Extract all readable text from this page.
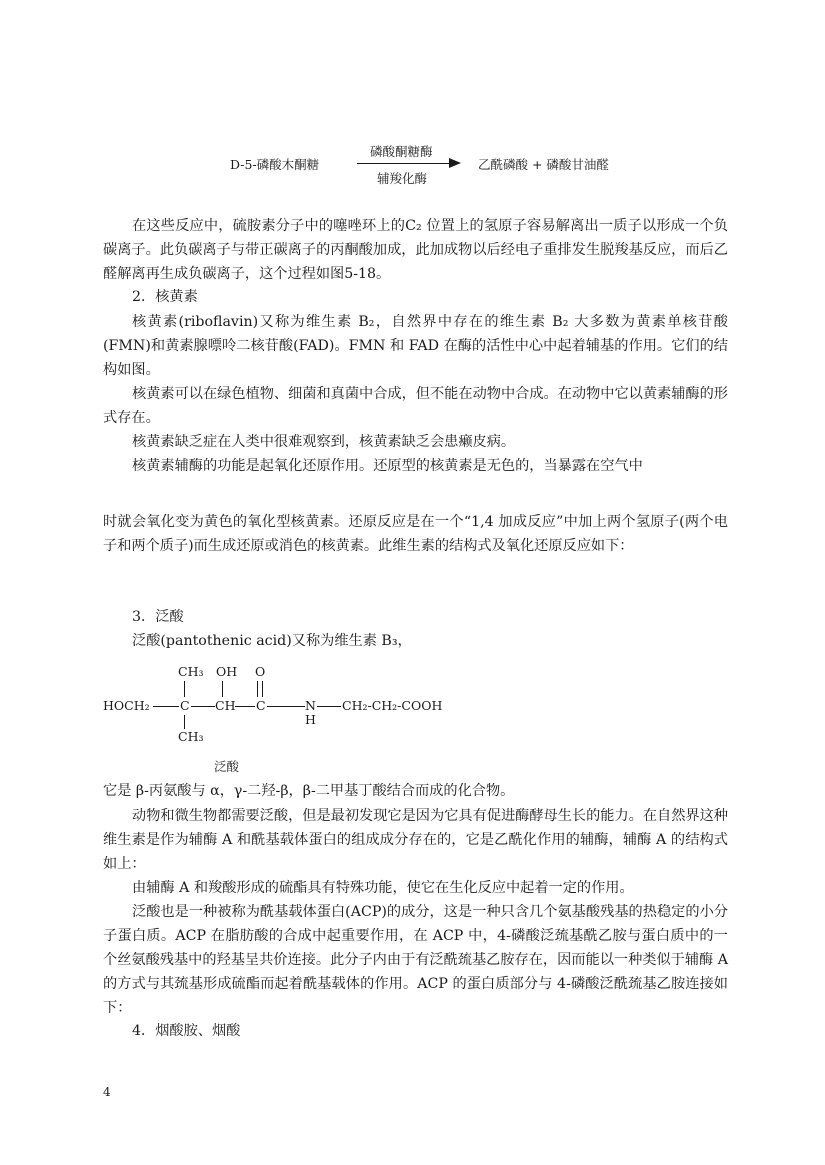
D-5-磷酸木酮糖
磷酸酮糖酶
辅羧化酶
乙酰磷酸 + 磷酸甘油醛
在这些反应中，硫胺素分子中的噻唑环上的C₂ 位置上的氢原子容易解离出一质子以形成一个负碳离子。此负碳离子与带正碳离子的丙酮酸加成，此加成物以后经电子重排发生脱羧基反应，而后乙醛解离再生成负碳离子，这个过程如图5-18。
2．核黄素
核黄素(riboflavin)又称为维生素 B₂，自然界中存在的维生素 B₂ 大多数为黄素单核苷酸(FMN)和黄素腺嘌呤二核苷酸(FAD)。FMN 和 FAD 在酶的活性中心中起着辅基的作用。它们的结构如图。
核黄素可以在绿色植物、细菌和真菌中合成，但不能在动物中合成。在动物中它以黄素辅酶的形式存在。
核黄素缺乏症在人类中很难观察到，核黄素缺乏会患癞皮病。
核黄素辅酶的功能是起氧化还原作用。还原型的核黄素是无色的，当暴露在空气中
时就会氧化变为黄色的氧化型核黄素。还原反应是在一个“1,4 加成反应”中加上两个氢原子(两个电子和两个质子)而生成还原或消色的核黄素。此维生素的结构式及氧化还原反应如下：
3．泛酸
泛酸(pantothenic acid)又称为维生素 B₃，
CH₃ OH O
HOCH₂ C CH C	N
H
CH₂-CH₂-COOH
CH₃
泛酸
它是 β-丙氨酸与 α，γ-二羟-β，β-二甲基丁酸结合而成的化合物。
动物和微生物都需要泛酸，但是最初发现它是因为它具有促进酶酵母生长的能力。在自然界这种维生素是作为辅酶 A 和酰基载体蛋白的组成成分存在的，它是乙酰化作用的辅酶，辅酶 A 的结构式如上：
由辅酶 A 和羧酸形成的硫酯具有特殊功能，使它在生化反应中起着一定的作用。
泛酸也是一种被称为酰基载体蛋白(ACP)的成分，这是一种只含几个氨基酸残基的热稳定的小分子蛋白质。ACP 在脂肪酸的合成中起重要作用，在 ACP 中，4-磷酸泛巯基酰乙胺与蛋白质中的一个丝氨酸残基中的羟基呈共价连接。此分子内由于有泛酰巯基乙胺存在，因而能以一种类似于辅酶 A 的方式与其巯基形成硫酯而起着酰基载体的作用。ACP 的蛋白质部分与 4-磷酸泛酰巯基乙胺连接如下：
4．烟酸胺、烟酸
4
